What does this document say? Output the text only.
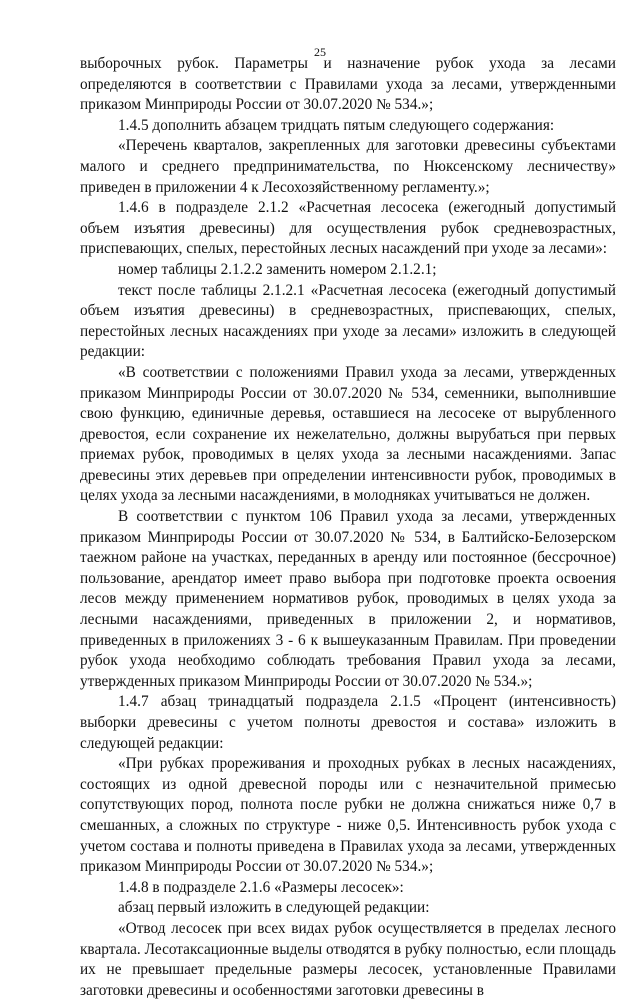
25

выборочных рубок. Параметры и назначение рубок ухода за лесами определяются в соответствии с Правилами ухода за лесами, утвержденными приказом Минприроды России от 30.07.2020 № 534.»;

1.4.5 дополнить абзацем тридцать пятым следующего содержания:

«Перечень кварталов, закрепленных для заготовки древесины субъектами малого и среднего предпринимательства, по Нюксенскому лесничеству» приведен в приложении 4 к Лесохозяйственному регламенту.»;

1.4.6 в подразделе 2.1.2 «Расчетная лесосека (ежегодный допустимый объем изъятия древесины) для осуществления рубок средневозрастных, приспевающих, спелых, перестойных лесных насаждений при уходе за лесами»:

номер таблицы 2.1.2.2 заменить номером 2.1.2.1;

текст после таблицы 2.1.2.1 «Расчетная лесосека (ежегодный допустимый объем изъятия древесины) в средневозрастных, приспевающих, спелых, перестойных лесных насаждениях при уходе за лесами» изложить в следующей редакции:

«В соответствии с положениями Правил ухода за лесами, утвержденных приказом Минприроды России от 30.07.2020 № 534, семенники, выполнившие свою функцию, единичные деревья, оставшиеся на лесосеке от вырубленного древостоя, если сохранение их нежелательно, должны вырубаться при первых приемах рубок, проводимых в целях ухода за лесными насаждениями. Запас древесины этих деревьев при определении интенсивности рубок, проводимых в целях ухода за лесными насаждениями, в молодняках учитываться не должен.

В соответствии с пунктом 106 Правил ухода за лесами, утвержденных приказом Минприроды России от 30.07.2020 № 534, в Балтийско-Белозерском таежном районе на участках, переданных в аренду или постоянное (бессрочное) пользование, арендатор имеет право выбора при подготовке проекта освоения лесов между применением нормативов рубок, проводимых в целях ухода за лесными насаждениями, приведенных в приложении 2, и нормативов, приведенных в приложениях 3 - 6 к вышеуказанным Правилам. При проведении рубок ухода необходимо соблюдать требования Правил ухода за лесами, утвержденных приказом Минприроды России от 30.07.2020 № 534.»;

1.4.7 абзац тринадцатый подраздела 2.1.5 «Процент (интенсивность) выборки древесины с учетом полноты древостоя и состава» изложить в следующей редакции:

«При рубках прореживания и проходных рубках в лесных насаждениях, состоящих из одной древесной породы или с незначительной примесью сопутствующих пород, полнота после рубки не должна снижаться ниже 0,7 в смешанных, а сложных по структуре - ниже 0,5. Интенсивность рубок ухода с учетом состава и полноты приведена в Правилах ухода за лесами, утвержденных приказом Минприроды России от 30.07.2020 № 534.»;

1.4.8 в подразделе 2.1.6 «Размеры лесосек»:

абзац первый изложить в следующей редакции:

«Отвод лесосек при всех видах рубок осуществляется в пределах лесного квартала. Лесотаксационные выделы отводятся в рубку полностью, если площадь их не превышает предельные размеры лесосек, установленные Правилами заготовки древесины и особенностями заготовки древесины в
